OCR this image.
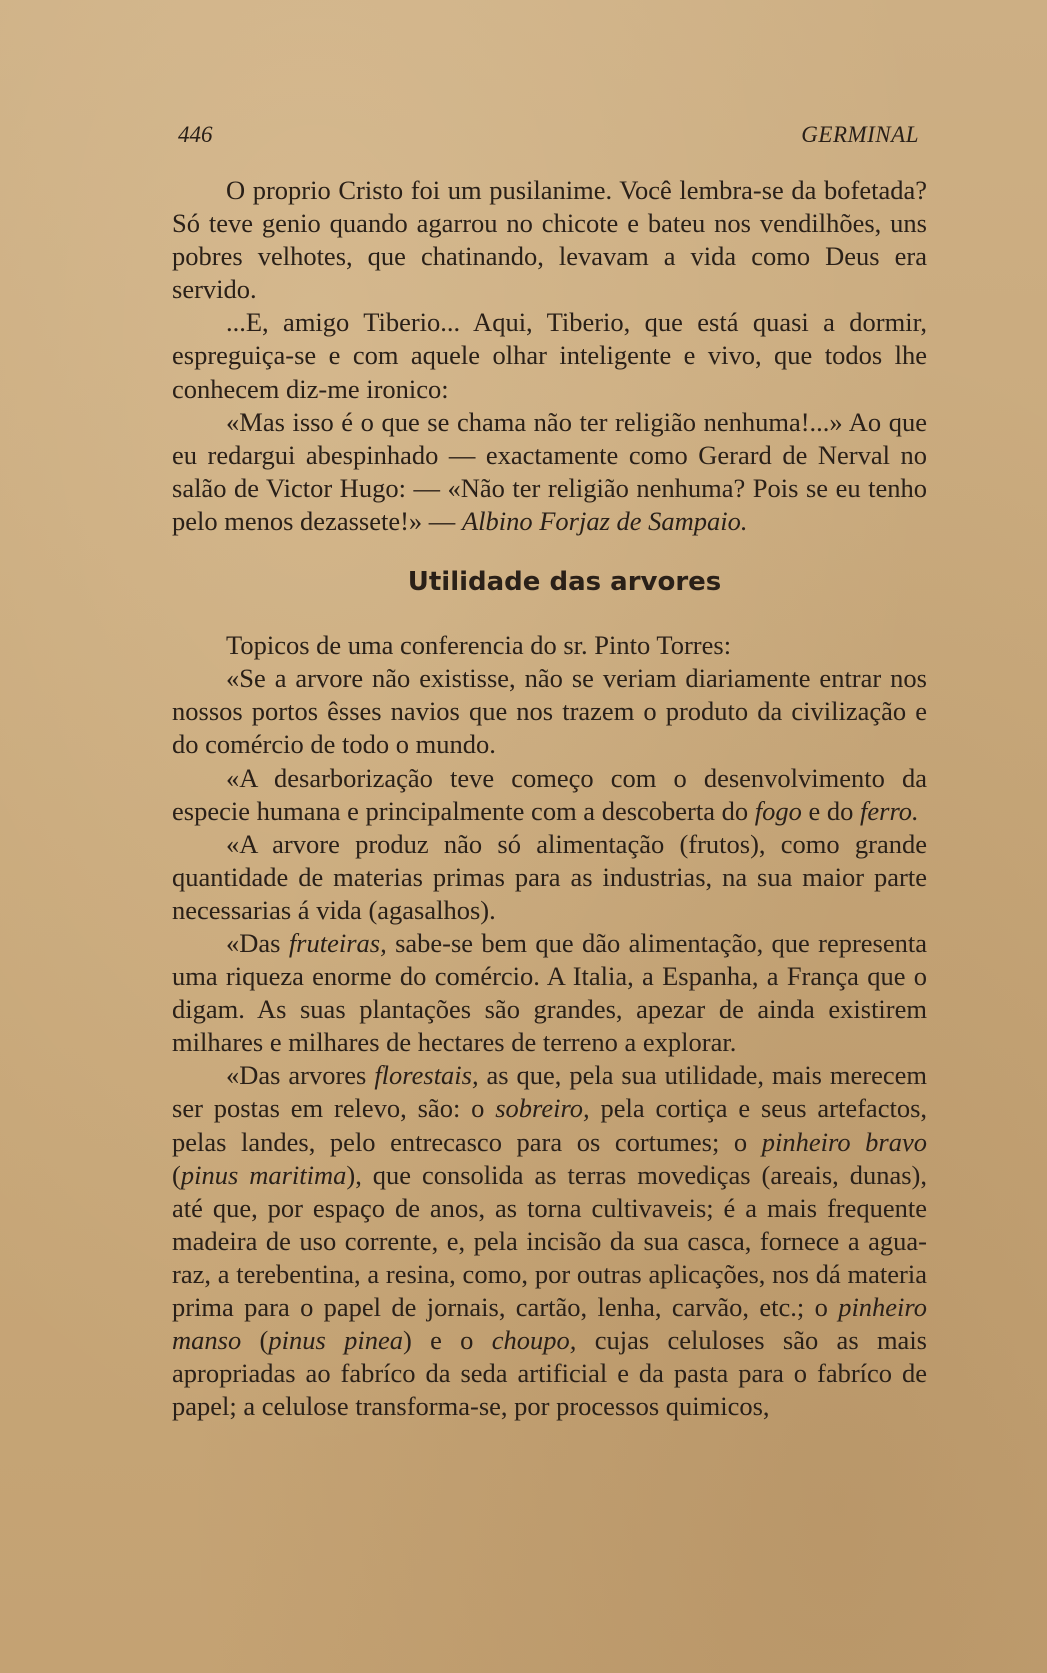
446	GERMINAL

O proprio Cristo foi um pusilanime. Você lembra-se da bofetada? Só teve genio quando agarrou no chicote e bateu nos vendilhões, uns pobres velhotes, que chatinando, levavam a vida como Deus era servido.

...E, amigo Tiberio... Aqui, Tiberio, que está quasi a dormir, espreguiça-se e com aquele olhar inteligente e vivo, que todos lhe conhecem diz-me ironico:

«Mas isso é o que se chama não ter religião nenhuma!...» Ao que eu redargui abespinhado — exactamente como Gerard de Nerval no salão de Victor Hugo: — «Não ter religião nenhuma? Pois se eu tenho pelo menos dezassete!» — Albino Forjaz de Sampaio.

Utilidade das arvores

Topicos de uma conferencia do sr. Pinto Torres:

«Se a arvore não existisse, não se veriam diariamente entrar nos nossos portos êsses navios que nos trazem o produto da civilização e do comércio de todo o mundo.

«A desarborização teve começo com o desenvolvimento da especie humana e principalmente com a descoberta do fogo e do ferro.

«A arvore produz não só alimentação (frutos), como grande quantidade de materias primas para as industrias, na sua maior parte necessarias á vida (agasalhos).

«Das fruteiras, sabe-se bem que dão alimentação, que representa uma riqueza enorme do comércio. A Italia, a Espanha, a França que o digam. As suas plantações são grandes, apezar de ainda existirem milhares e milhares de hectares de terreno a explorar.

«Das arvores florestais, as que, pela sua utilidade, mais merecem ser postas em relevo, são: o sobreiro, pela cortiça e seus artefactos, pelas landes, pelo entrecasco para os cortumes; o pinheiro bravo (pinus maritima), que consolida as terras movediças (areais, dunas), até que, por espaço de anos, as torna cultivaveis; é a mais frequente madeira de uso corrente, e, pela incisão da sua casca, fornece a agua-raz, a terebentina, a resina, como, por outras aplicações, nos dá materia prima para o papel de jornais, cartão, lenha, carvão, etc.; o pinheiro manso (pinus pinea) e o choupo, cujas celuloses são as mais apropriadas ao fabríco da seda artificial e da pasta para o fabríco de papel; a celulose transforma-se, por processos quimicos,
